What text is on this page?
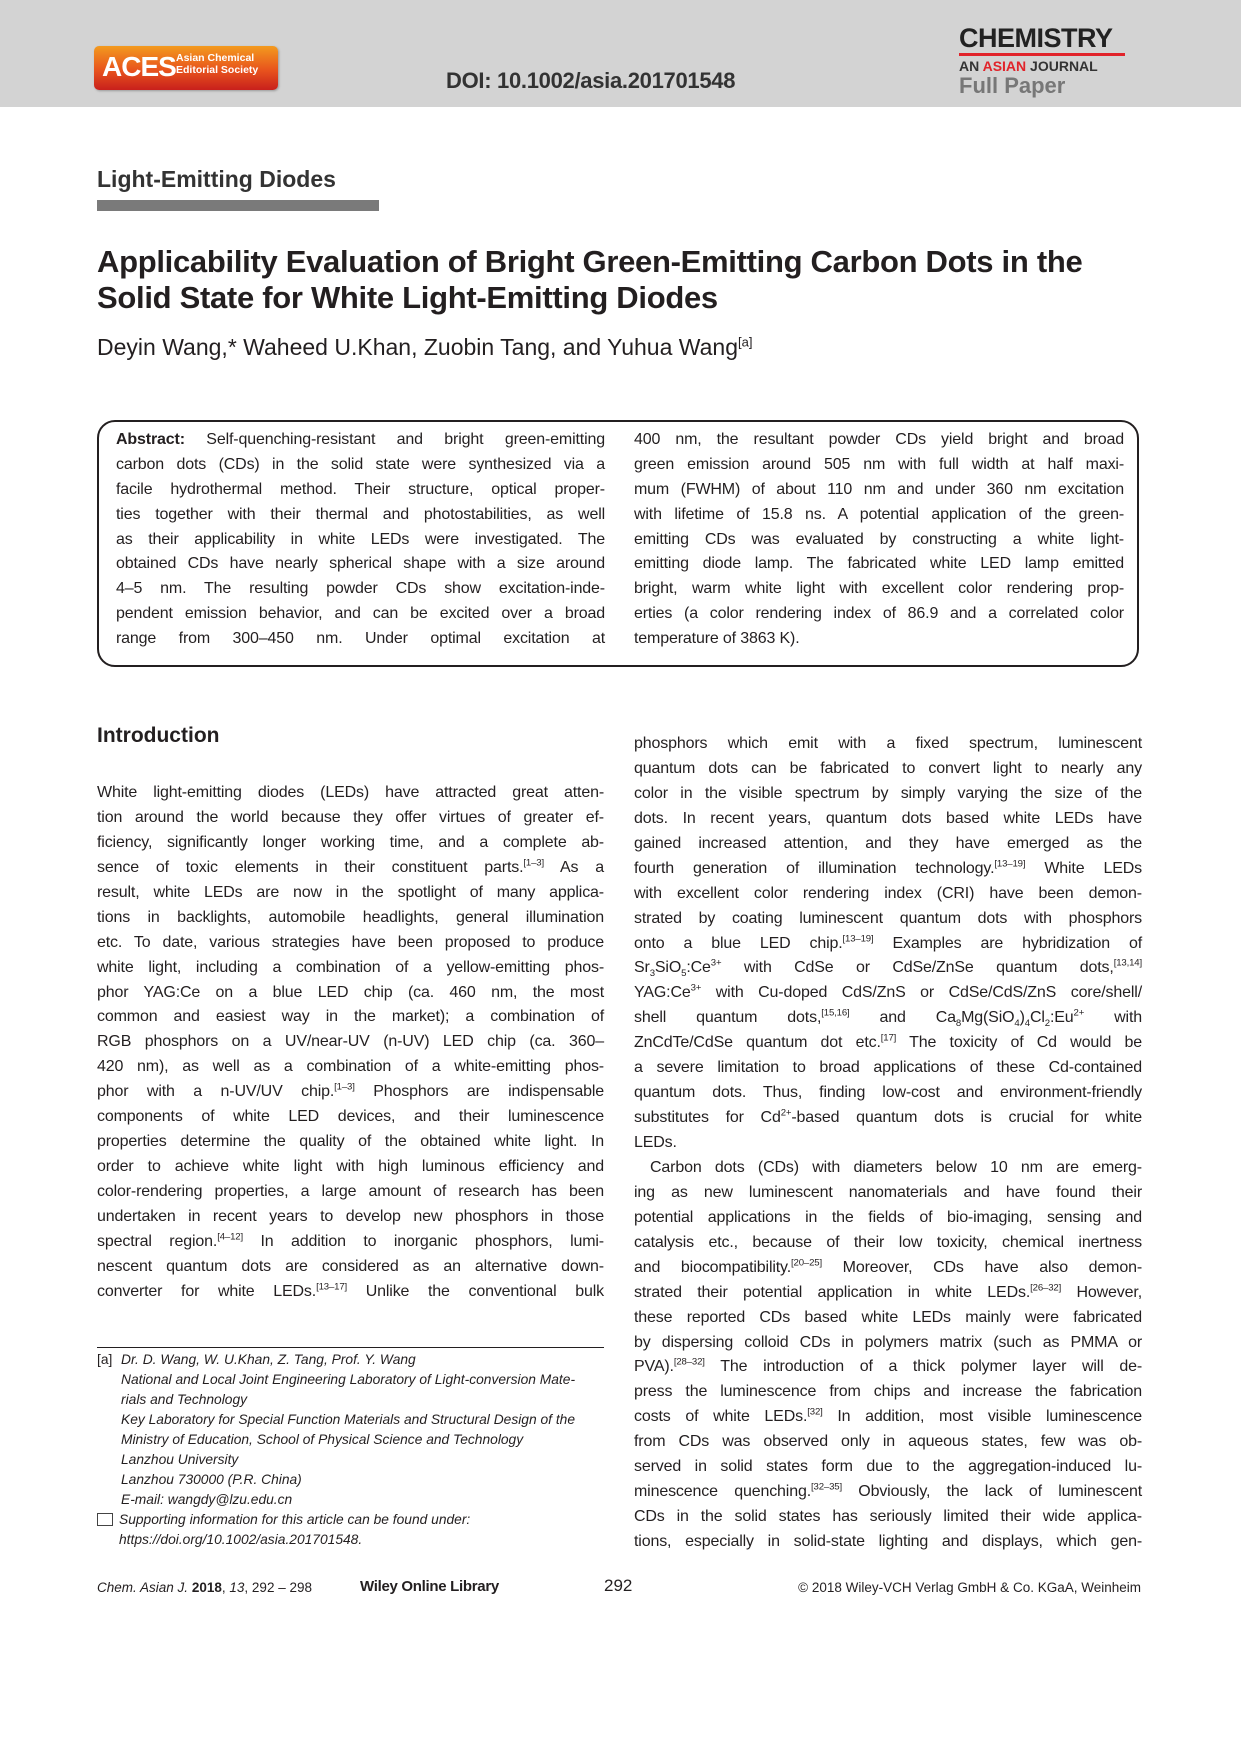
ACES Asian Chemical
Editorial Society	DOI: 10.1002/asia.201701548
CHEMISTRY
AN ASIAN JOURNAL
Full Paper
Light-Emitting Diodes
Applicability Evaluation of Bright Green-Emitting Carbon Dots in the Solid State for White Light-Emitting Diodes
Deyin Wang,* Waheed U.Khan, Zuobin Tang, and Yuhua Wang[a]
Abstract: Self-quenching-resistant and bright green-emitting
carbon dots (CDs) in the solid state were synthesized via a
facile hydrothermal method. Their structure, optical proper-
ties together with their thermal and photostabilities, as well
as their applicability in white LEDs were investigated. The
obtained CDs have nearly spherical shape with a size around
4–5 nm. The resulting powder CDs show excitation-inde-
pendent emission behavior, and can be excited over a broad
range from 300–450 nm. Under optimal excitation at
400 nm, the resultant powder CDs yield bright and broad
green emission around 505 nm with full width at half maxi-
mum (FWHM) of about 110 nm and under 360 nm excitation
with lifetime of 15.8 ns. A potential application of the green-
emitting CDs was evaluated by constructing a white light-
emitting diode lamp. The fabricated white LED lamp emitted
bright, warm white light with excellent color rendering prop-
erties (a color rendering index of 86.9 and a correlated color
temperature of 3863 K).
Introduction
White light-emitting diodes (LEDs) have attracted great atten-
tion around the world because they offer virtues of greater ef-
ficiency, significantly longer working time, and a complete ab-
sence of toxic elements in their constituent parts.[1–3] As a
result, white LEDs are now in the spotlight of many applica-
tions in backlights, automobile headlights, general illumination
etc. To date, various strategies have been proposed to produce
white light, including a combination of a yellow-emitting phos-
phor YAG:Ce on a blue LED chip (ca. 460 nm, the most
common and easiest way in the market); a combination of
RGB phosphors on a UV/near-UV (n-UV) LED chip (ca. 360–
420 nm), as well as a combination of a white-emitting phos-
phor with a n-UV/UV chip.[1–3] Phosphors are indispensable
components of white LED devices, and their luminescence
properties determine the quality of the obtained white light. In
order to achieve white light with high luminous efficiency and
color-rendering properties, a large amount of research has been
undertaken in recent years to develop new phosphors in those
spectral region.[4–12] In addition to inorganic phosphors, lumi-
nescent quantum dots are considered as an alternative down-
converter for white LEDs.[13–17] Unlike the conventional bulk
phosphors which emit with a fixed spectrum, luminescent
quantum dots can be fabricated to convert light to nearly any
color in the visible spectrum by simply varying the size of the
dots. In recent years, quantum dots based white LEDs have
gained increased attention, and they have emerged as the
fourth generation of illumination technology.[13–19] White LEDs
with excellent color rendering index (CRI) have been demon-
strated by coating luminescent quantum dots with phosphors
onto a blue LED chip.[13–19] Examples are hybridization of
$Sr_3SiO_5:Ce^{3+}$ with CdSe or CdSe/ZnSe quantum dots,[13,14]
$YAG:Ce^{3+}$ with Cu-doped CdS/ZnS or CdSe/CdS/ZnS core/shell/
shell quantum dots,[15,16] and $Ca_8Mg(SiO_4)_4Cl_2:Eu^{2+}$ with
ZnCdTe/CdSe quantum dot etc.[17] The toxicity of Cd would be
a severe limitation to broad applications of these Cd-contained
quantum dots. Thus, finding low-cost and environment-friendly
substitutes for $Cd^{2+}$-based quantum dots is crucial for white
LEDs.
Carbon dots (CDs) with diameters below 10 nm are emerg-
ing as new luminescent nanomaterials and have found their
potential applications in the fields of bio-imaging, sensing and
catalysis etc., because of their low toxicity, chemical inertness
and biocompatibility.[20–25] Moreover, CDs have also demon-
strated their potential application in white LEDs.[26–32] However,
these reported CDs based white LEDs mainly were fabricated
by dispersing colloid CDs in polymers matrix (such as PMMA or
PVA).[28–32] The introduction of a thick polymer layer will de-
press the luminescence from chips and increase the fabrication
costs of white LEDs.[32] In addition, most visible luminescence
from CDs was observed only in aqueous states, few was ob-
served in solid states form due to the aggregation-induced lu-
minescence quenching.[32–35] Obviously, the lack of luminescent
CDs in the solid states has seriously limited their wide applica-
tions, especially in solid-state lighting and displays, which gen-
[a] Dr. D. Wang, W. U.Khan, Z. Tang, Prof. Y. Wang
National and Local Joint Engineering Laboratory of Light-conversion Mate-
rials and Technology
Key Laboratory for Special Function Materials and Structural Design of the
Ministry of Education, School of Physical Science and Technology
Lanzhou University
Lanzhou 730000 (P.R. China)
E-mail: wangdy@lzu.edu.cn
Supporting information for this article can be found under:
https://doi.org/10.1002/asia.201701548.
Chem. Asian J. 2018, 13, 292 – 298	Wiley Online Library	292	© 2018 Wiley-VCH Verlag GmbH & Co. KGaA, Weinheim
